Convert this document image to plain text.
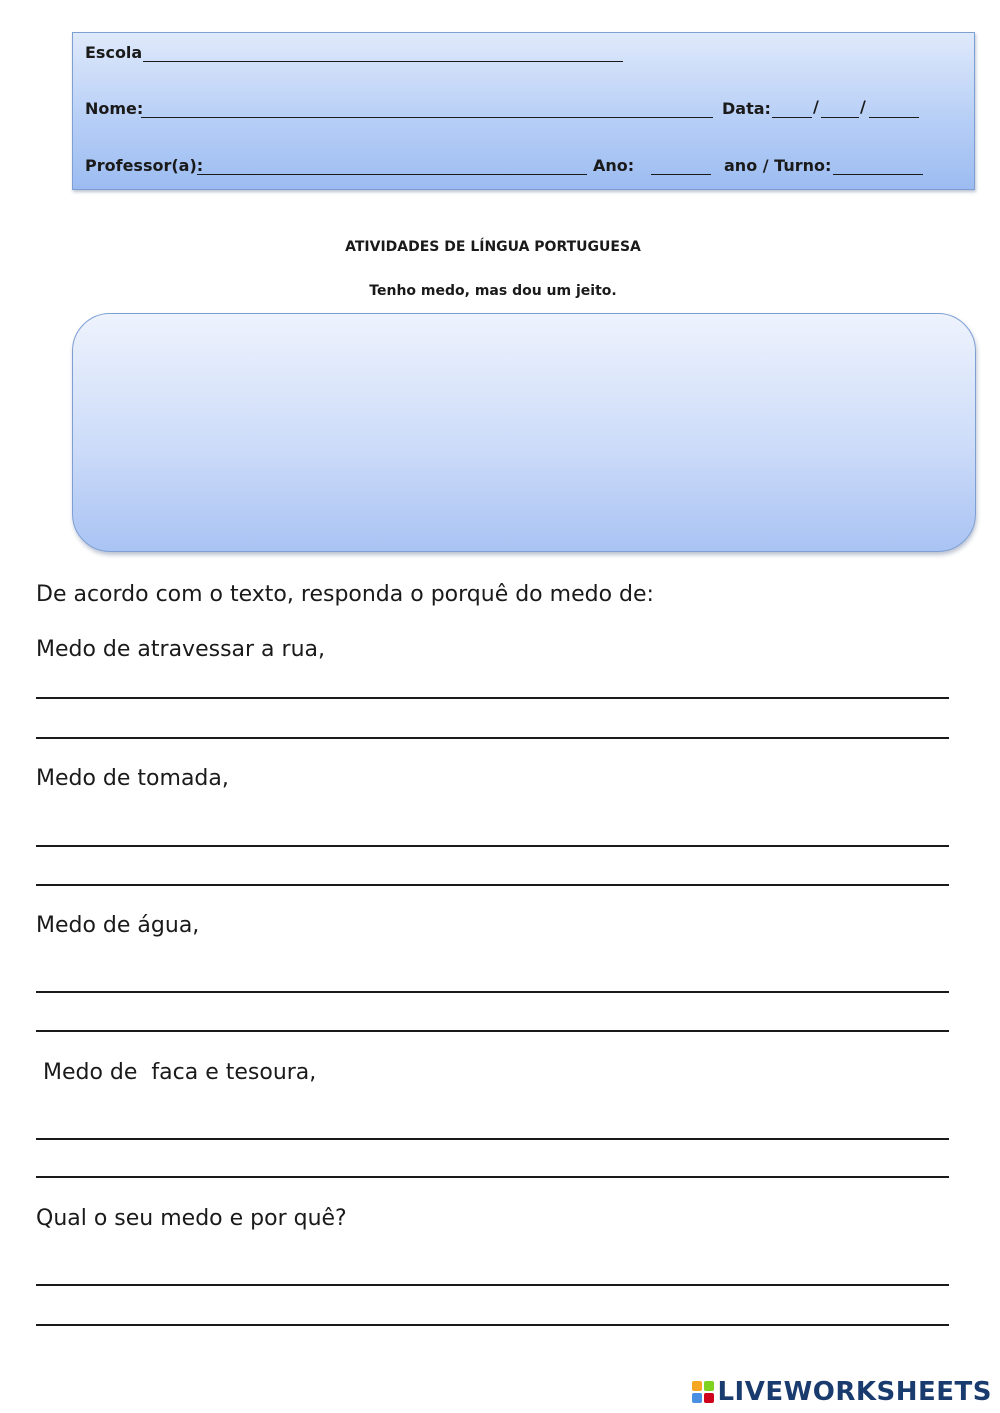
Escola
Nome:	Data:	/	/
Professor(a):	Ano:	ano / Turno:
ATIVIDADES DE LÍNGUA PORTUGUESA
Tenho medo, mas dou um jeito.
De acordo com o texto, responda o porquê do medo de:
Medo de atravessar a rua,
Medo de tomada,
Medo de água,
Medo de  faca e tesoura,
Qual o seu medo e por quê?
LIVEWORKSHEETS
